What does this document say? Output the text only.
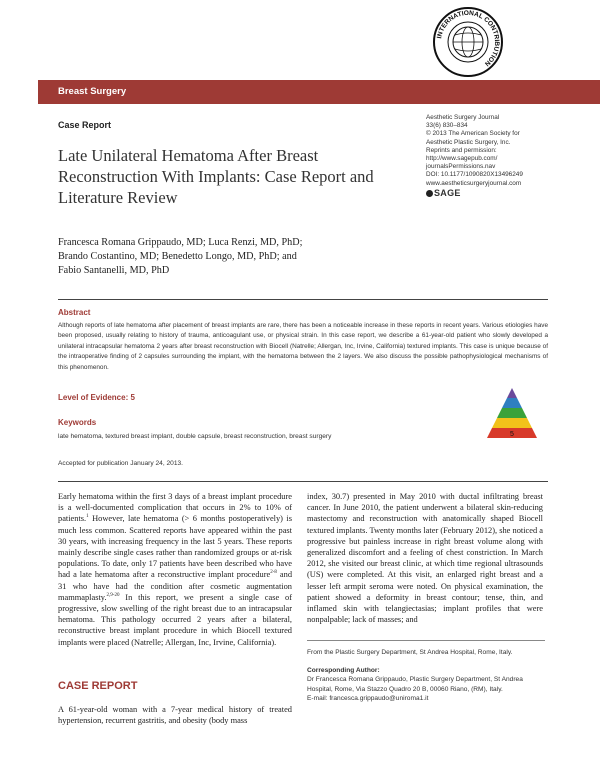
INTERNATIONAL CONTRIBUTION
Breast Surgery
Case Report
Late Unilateral Hematoma After Breast Reconstruction With Implants: Case Report and Literature Review
Aesthetic Surgery Journal
33(6) 830–834
© 2013 The American Society for
Aesthetic Plastic Surgery, Inc.
Reprints and permission:
http://www.sagepub.com/
journalsPermissions.nav
DOI: 10.1177/1090820X13496249
www.aestheticsurgeryjournal.com
SAGE
Francesca Romana Grippaudo, MD; Luca Renzi, MD, PhD;
Brando Costantino, MD; Benedetto Longo, MD, PhD; and
Fabio Santanelli, MD, PhD
Abstract
Although reports of late hematoma after placement of breast implants are rare, there has been a noticeable increase in these reports in recent years. Various etiologies have been proposed, usually relating to history of trauma, anticoagulant use, or physical strain. In this case report, we describe a 61-year-old patient who slowly developed a unilateral intracapsular hematoma 2 years after breast reconstruction with Biocell (Natrelle; Allergan, Inc, Irvine, California) textured implants. This case is unique because of the intraoperative finding of 2 capsules surrounding the implant, with the hematoma between the 2 layers. We also discuss the possible pathophysiological mechanisms of this phenomenon.
Level of Evidence: 5
5
Keywords
late hematoma, textured breast implant, double capsule, breast reconstruction, breast surgery
Accepted for publication January 24, 2013.
Early hematoma within the first 3 days of a breast implant procedure is a well-documented complication that occurs in 2% to 10% of patients.$^1$ However, late hematoma (> 6 months postoperatively) is much less common. Scattered reports have appeared within the past 30 years, with increasing frequency in the last 5 years. These reports mainly describe single cases rather than randomized groups or at-risk populations. To date, only 17 patients have been described who have had a late hematoma after a reconstructive implant procedure$^{2-8}$ and 31 who have had the condition after cosmetic augmentation mammaplasty.$^{2,9-20}$ In this report, we present a single case of progressive, slow swelling of the right breast due to an intracapsular hematoma. This pathology occurred 2 years after a bilateral, reconstructive breast implant procedure in which Biocell textured implants were placed (Natrelle; Allergan, Inc, Irvine, California).
CASE REPORT
A 61-year-old woman with a 7-year medical history of treated hypertension, recurrent gastritis, and obesity (body mass
index, 30.7) presented in May 2010 with ductal infiltrating breast cancer. In June 2010, the patient underwent a bilateral skin-reducing mastectomy and reconstruction with anatomically shaped Biocell textured implants. Twenty months later (February 2012), she noticed a progressive but painless increase in right breast volume along with generalized discomfort and a feeling of chest constriction. In March 2012, she visited our breast clinic, at which time regional ultrasounds (US) were completed. At this visit, an enlarged right breast and a lesser left armpit seroma were noted. On physical examination, the patient showed a deformity in breast contour; tense, thin, and inflamed skin with telangiectasias; implant profiles that were nonpalpable; lack of masses; and
From the Plastic Surgery Department, St Andrea Hospital, Rome, Italy.
Corresponding Author:
Dr Francesca Romana Grippaudo, Plastic Surgery Department, St Andrea Hospital, Rome, Via Stazzo Quadro 20 B, 00060 Riano, (RM), Italy.
E-mail: francesca.grippaudo@uniroma1.it
